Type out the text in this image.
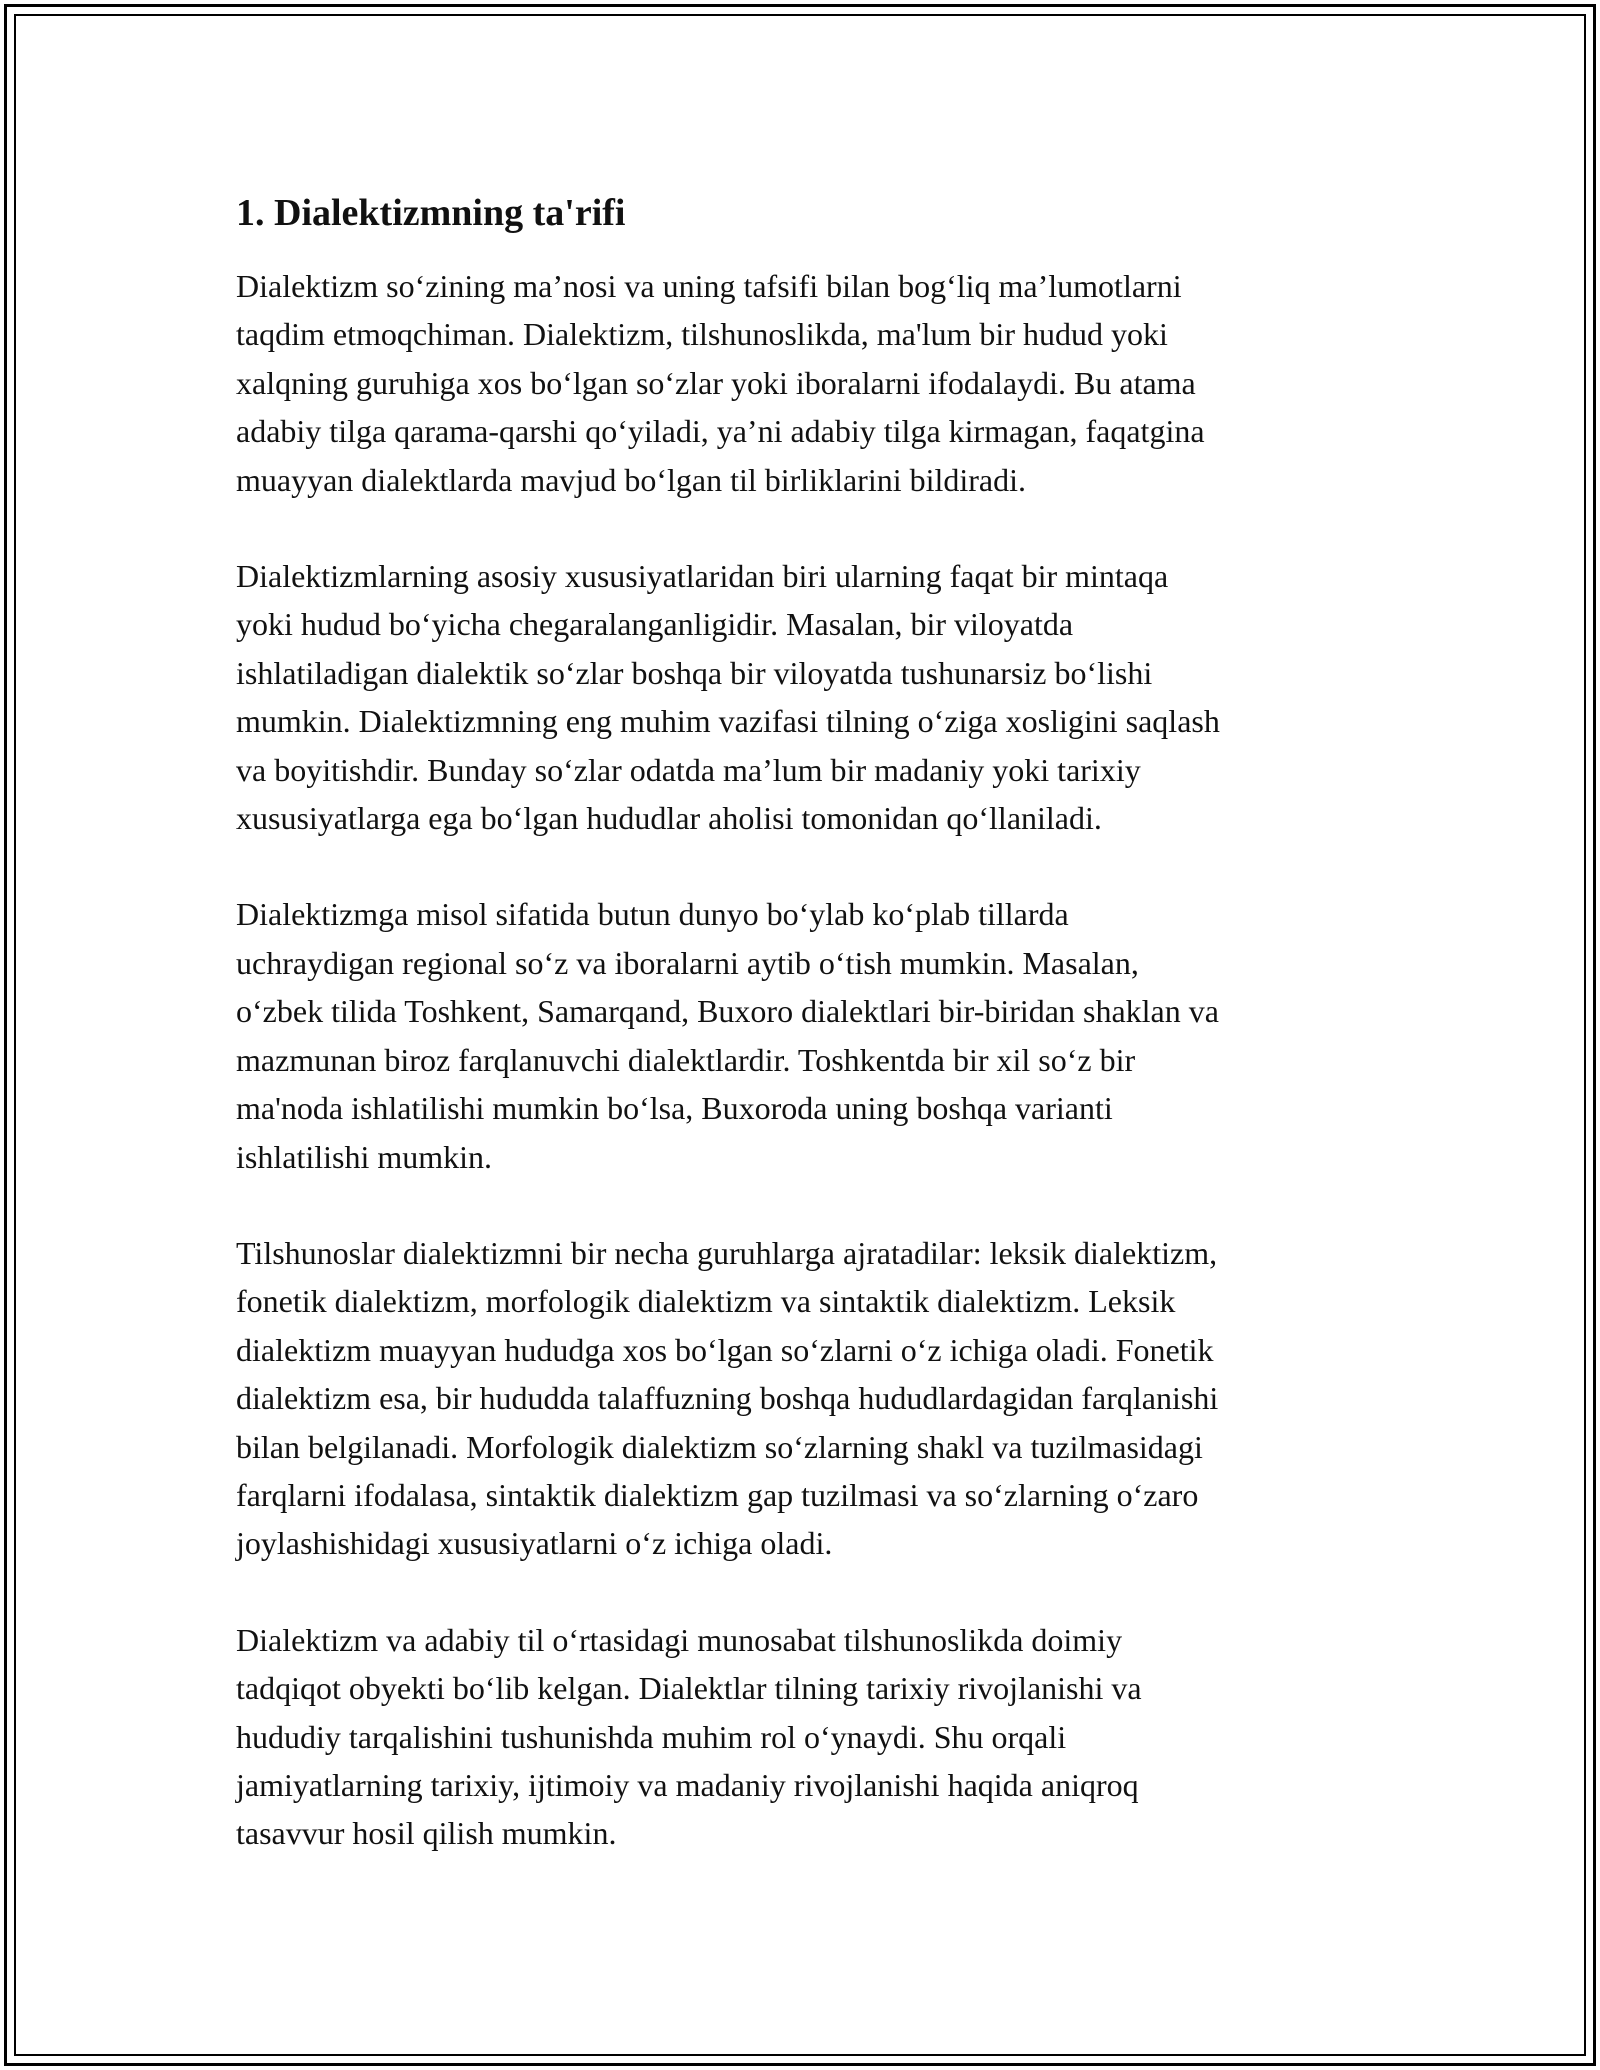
1. Dialektizmning ta'rifi

Dialektizm so‘zining ma’nosi va uning tafsifi bilan bog‘liq ma’lumotlarni
taqdim etmoqchiman. Dialektizm, tilshunoslikda, ma'lum bir hudud yoki
xalqning guruhiga xos bo‘lgan so‘zlar yoki iboralarni ifodalaydi. Bu atama
adabiy tilga qarama-qarshi qo‘yiladi, ya’ni adabiy tilga kirmagan, faqatgina
muayyan dialektlarda mavjud bo‘lgan til birliklarini bildiradi.

Dialektizmlarning asosiy xususiyatlaridan biri ularning faqat bir mintaqa
yoki hudud bo‘yicha chegaralanganligidir. Masalan, bir viloyatda
ishlatiladigan dialektik so‘zlar boshqa bir viloyatda tushunarsiz bo‘lishi
mumkin. Dialektizmning eng muhim vazifasi tilning o‘ziga xosligini saqlash
va boyitishdir. Bunday so‘zlar odatda ma’lum bir madaniy yoki tarixiy
xususiyatlarga ega bo‘lgan hududlar aholisi tomonidan qo‘llaniladi.

Dialektizmga misol sifatida butun dunyo bo‘ylab ko‘plab tillarda
uchraydigan regional so‘z va iboralarni aytib o‘tish mumkin. Masalan,
o‘zbek tilida Toshkent, Samarqand, Buxoro dialektlari bir-biridan shaklan va
mazmunan biroz farqlanuvchi dialektlardir. Toshkentda bir xil so‘z bir
ma'noda ishlatilishi mumkin bo‘lsa, Buxoroda uning boshqa varianti
ishlatilishi mumkin.

Tilshunoslar dialektizmni bir necha guruhlarga ajratadilar: leksik dialektizm,
fonetik dialektizm, morfologik dialektizm va sintaktik dialektizm. Leksik
dialektizm muayyan hududga xos bo‘lgan so‘zlarni o‘z ichiga oladi. Fonetik
dialektizm esa, bir hududda talaffuzning boshqa hududlardagidan farqlanishi
bilan belgilanadi. Morfologik dialektizm so‘zlarning shakl va tuzilmasidagi
farqlarni ifodalasa, sintaktik dialektizm gap tuzilmasi va so‘zlarning o‘zaro
joylashishidagi xususiyatlarni o‘z ichiga oladi.

Dialektizm va adabiy til o‘rtasidagi munosabat tilshunoslikda doimiy
tadqiqot obyekti bo‘lib kelgan. Dialektlar tilning tarixiy rivojlanishi va
hududiy tarqalishini tushunishda muhim rol o‘ynaydi. Shu orqali
jamiyatlarning tarixiy, ijtimoiy va madaniy rivojlanishi haqida aniqroq
tasavvur hosil qilish mumkin.
